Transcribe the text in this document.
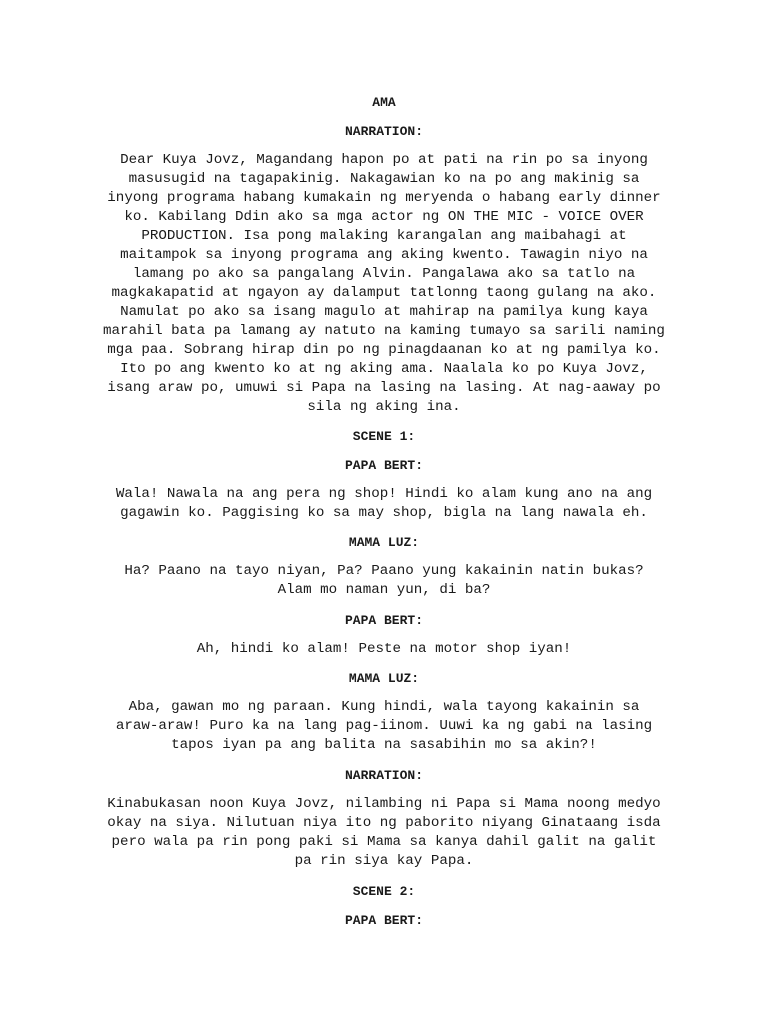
AMA

NARRATION:

Dear Kuya Jovz, Magandang hapon po at pati na rin po sa inyong
masusugid na tagapakinig. Nakagawian ko na po ang makinig sa
inyong programa habang kumakain ng meryenda o habang early dinner
ko. Kabilang Ddin ako sa mga actor ng ON THE MIC - VOICE OVER
PRODUCTION. Isa pong malaking karangalan ang maibahagi at
maitampok sa inyong programa ang aking kwento. Tawagin niyo na
lamang po ako sa pangalang Alvin. Pangalawa ako sa tatlo na
magkakapatid at ngayon ay dalamput tatlonng taong gulang na ako.
Namulat po ako sa isang magulo at mahirap na pamilya kung kaya
marahil bata pa lamang ay natuto na kaming tumayo sa sarili naming
mga paa. Sobrang hirap din po ng pinagdaanan ko at ng pamilya ko.
Ito po ang kwento ko at ng aking ama. Naalala ko po Kuya Jovz,
isang araw po, umuwi si Papa na lasing na lasing. At nag-aaway po
sila ng aking ina.

SCENE 1:

PAPA BERT:

Wala! Nawala na ang pera ng shop! Hindi ko alam kung ano na ang
gagawin ko. Paggising ko sa may shop, bigla na lang nawala eh.

MAMA LUZ:

Ha? Paano na tayo niyan, Pa? Paano yung kakainin natin bukas?
Alam mo naman yun, di ba?

PAPA BERT:

Ah, hindi ko alam! Peste na motor shop iyan!

MAMA LUZ:

Aba, gawan mo ng paraan. Kung hindi, wala tayong kakainin sa
araw-araw! Puro ka na lang pag-iinom. Uuwi ka ng gabi na lasing
tapos iyan pa ang balita na sasabihin mo sa akin?!

NARRATION:

Kinabukasan noon Kuya Jovz, nilambing ni Papa si Mama noong medyo
okay na siya. Nilutuan niya ito ng paborito niyang Ginataang isda
pero wala pa rin pong paki si Mama sa kanya dahil galit na galit
pa rin siya kay Papa.

SCENE 2:

PAPA BERT:
